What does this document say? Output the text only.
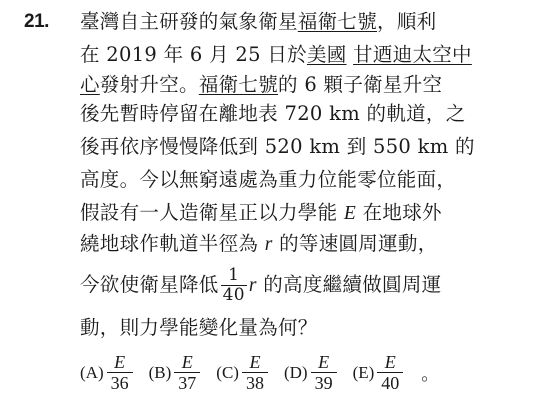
21. 臺灣自主研發的氣象衛星福衛七號，順利
在 2019 年 6 月 25 日於美國 甘迺迪太空中
心發射升空。福衛七號的 6 顆子衛星升空
後先暫時停留在離地表 720 km 的軌道，之
後再依序慢慢降低到 520 km 到 550 km 的
高度。今以無窮遠處為重力位能零位能面，
假設有一人造衛星正以力學能 E 在地球外
繞地球作軌道半徑為 r 的等速圓周運動，
今欲使衛星降低 $\frac{1}{40}$ r 的高度繼續做圓周運
動，則力學能變化量為何？
$(A) \frac{E}{36} (B) \frac{E}{37} (C) \frac{E}{38} (D) \frac{E}{39} (E) \frac{E}{40}$ 。
